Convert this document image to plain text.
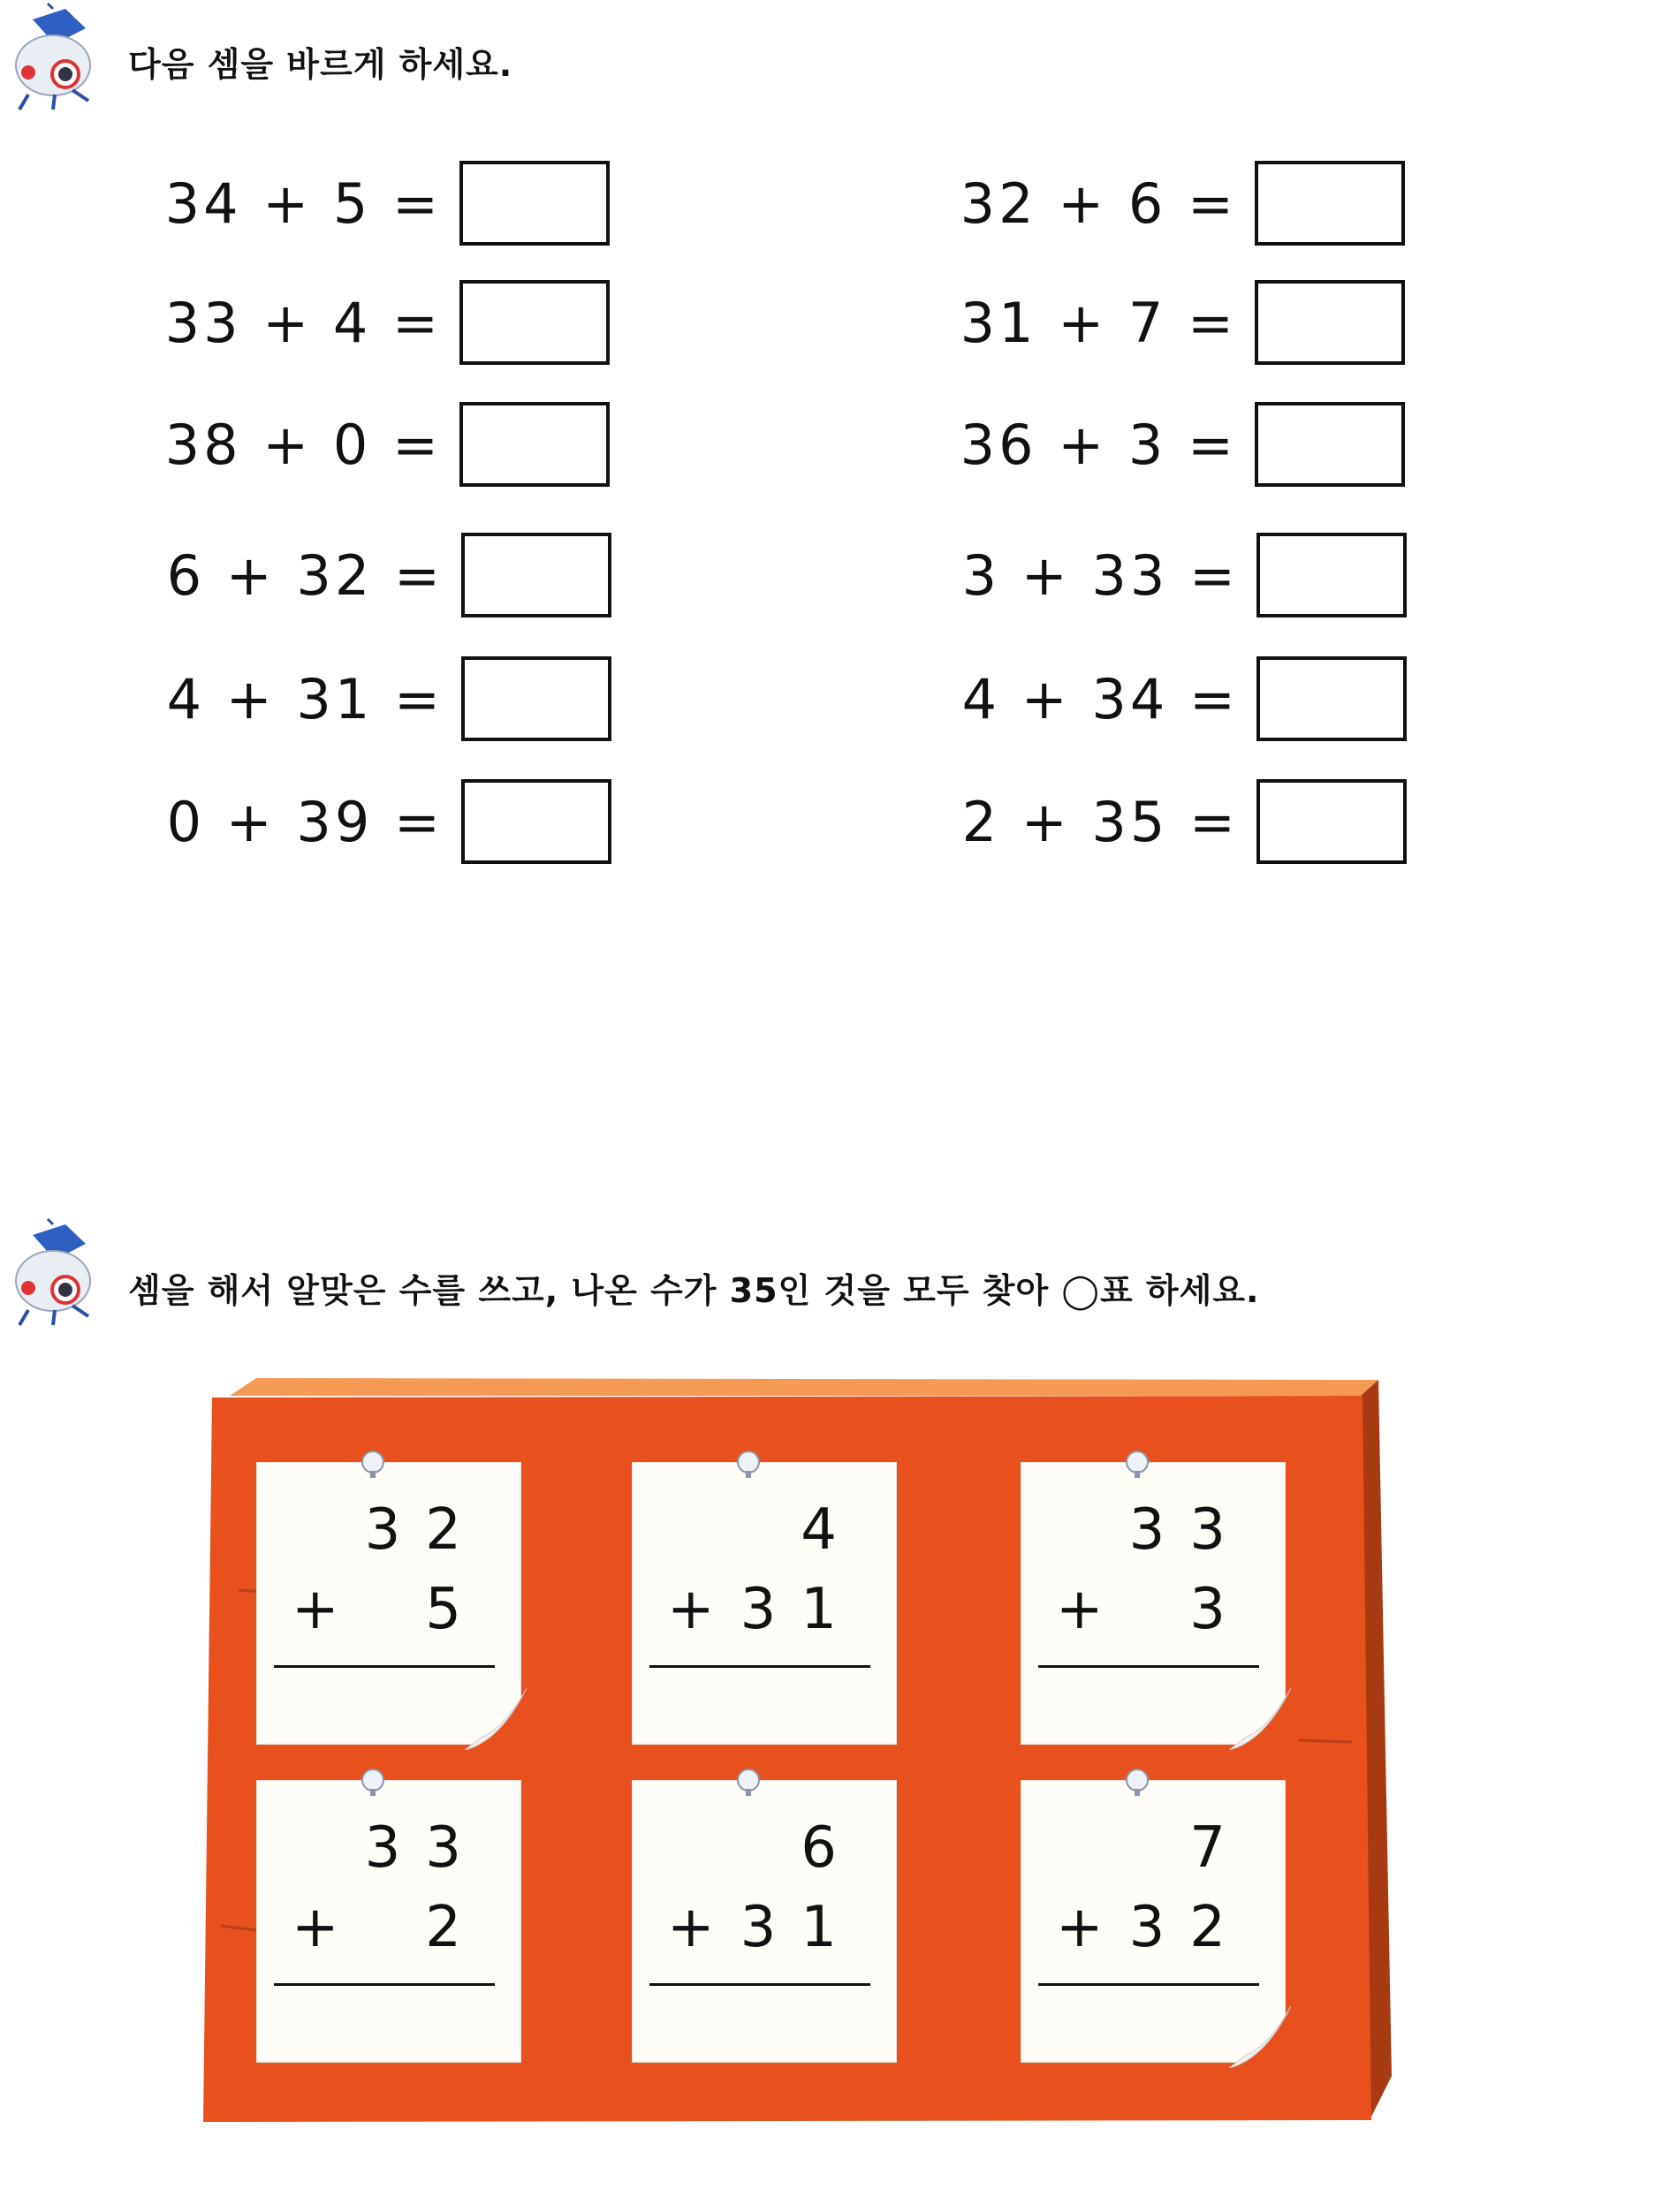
다음 셈을 바르게 하세요.
34 + 5 =	32 + 6 =
33 + 4 =	31 + 7 =
38 + 0 =	36 + 3 =
6 + 32 =	3 + 33 =
4 + 31 =	4 + 34 =
0 + 39 =	2 + 35 =
셈을 해서 알맞은 수를 쓰고, 나온 수가 35인 것을 모두 찾아 ◯표 하세요.
32
+ 5
4
+ 31
33
+ 3
33
+ 2
6
+ 31
7
+ 32
